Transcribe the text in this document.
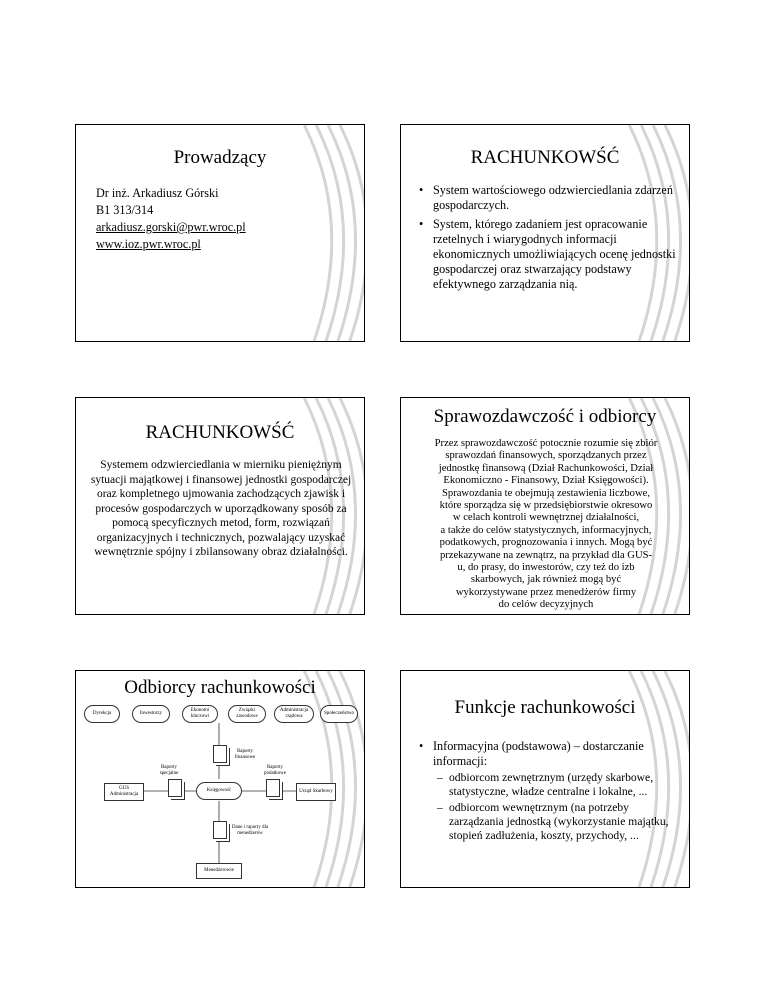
Prowadzący
Dr inż. Arkadiusz Górski
B1 313/314
arkadiusz.gorski@pwr.wroc.pl
www.ioz.pwr.wroc.pl
RACHUNKOWŚĆ
• System wartościowego odzwierciedlania zdarzeń gospodarczych.
• System, którego zadaniem jest opracowanie rzetelnych i wiarygodnych informacji ekonomicznych umożliwiających ocenę jednostki gospodarczej oraz stwarzający podstawy efektywnego zarządzania nią.
RACHUNKOWŚĆ
Systemem odzwierciedlania w mierniku pieniężnym sytuacji majątkowej i finansowej jednostki gospodarczej oraz kompletnego ujmowania zachodzących zjawisk i procesów gospodarczych w uporządkowany sposób za pomocą specyficznych metod, form, rozwiązań organizacyjnych i technicznych, pozwalający uzyskać wewnętrznie spójny i zbilansowany obraz działalności.
Sprawozdawczość i odbiorcy
Przez sprawozdawczość potocznie rozumie się zbiór
sprawozdań finansowych, sporządzanych przez
jednostkę finansową (Dział Rachunkowości, Dział
Ekonomiczno - Finansowy, Dział Księgowości).
Sprawozdania te obejmują zestawienia liczbowe,
które sporządza się w przedsiębiorstwie okresowo
w celach kontroli wewnętrznej działalności,
a także do celów statystycznych, informacyjnych,
podatkowych, prognozowania i innych. Mogą być
przekazywane na zewnątrz, na przykład dla GUS-
u, do prasy, do inwestorów, czy też do izb
skarbowych, jak również mogą być
wykorzystywane przez menedżerów firmy
do celów decyzyjnych
Odbiorcy rachunkowości
Dyrekcja	Inwestorzy
Ekonomi kluczowi
Związki zawodowe
Administracja rządowa
Społeczeństwo
Raporty finansowe
Raporty specjalne
Raporty podatkowe
GUS Administracja
Księgowość	Urząd Skarbowy
Dane i raporty dla menedżerów
Menedżerowie
Funkcje rachunkowości
• Informacyjna (podstawowa) – dostarczanie informacji:
– odbiorcom zewnętrznym (urzędy skarbowe, statystyczne, władze centralne i lokalne, ...
– odbiorcom wewnętrznym (na potrzeby zarządzania jednostką (wykorzystanie majątku, stopień zadłużenia, koszty, przychody, ...
